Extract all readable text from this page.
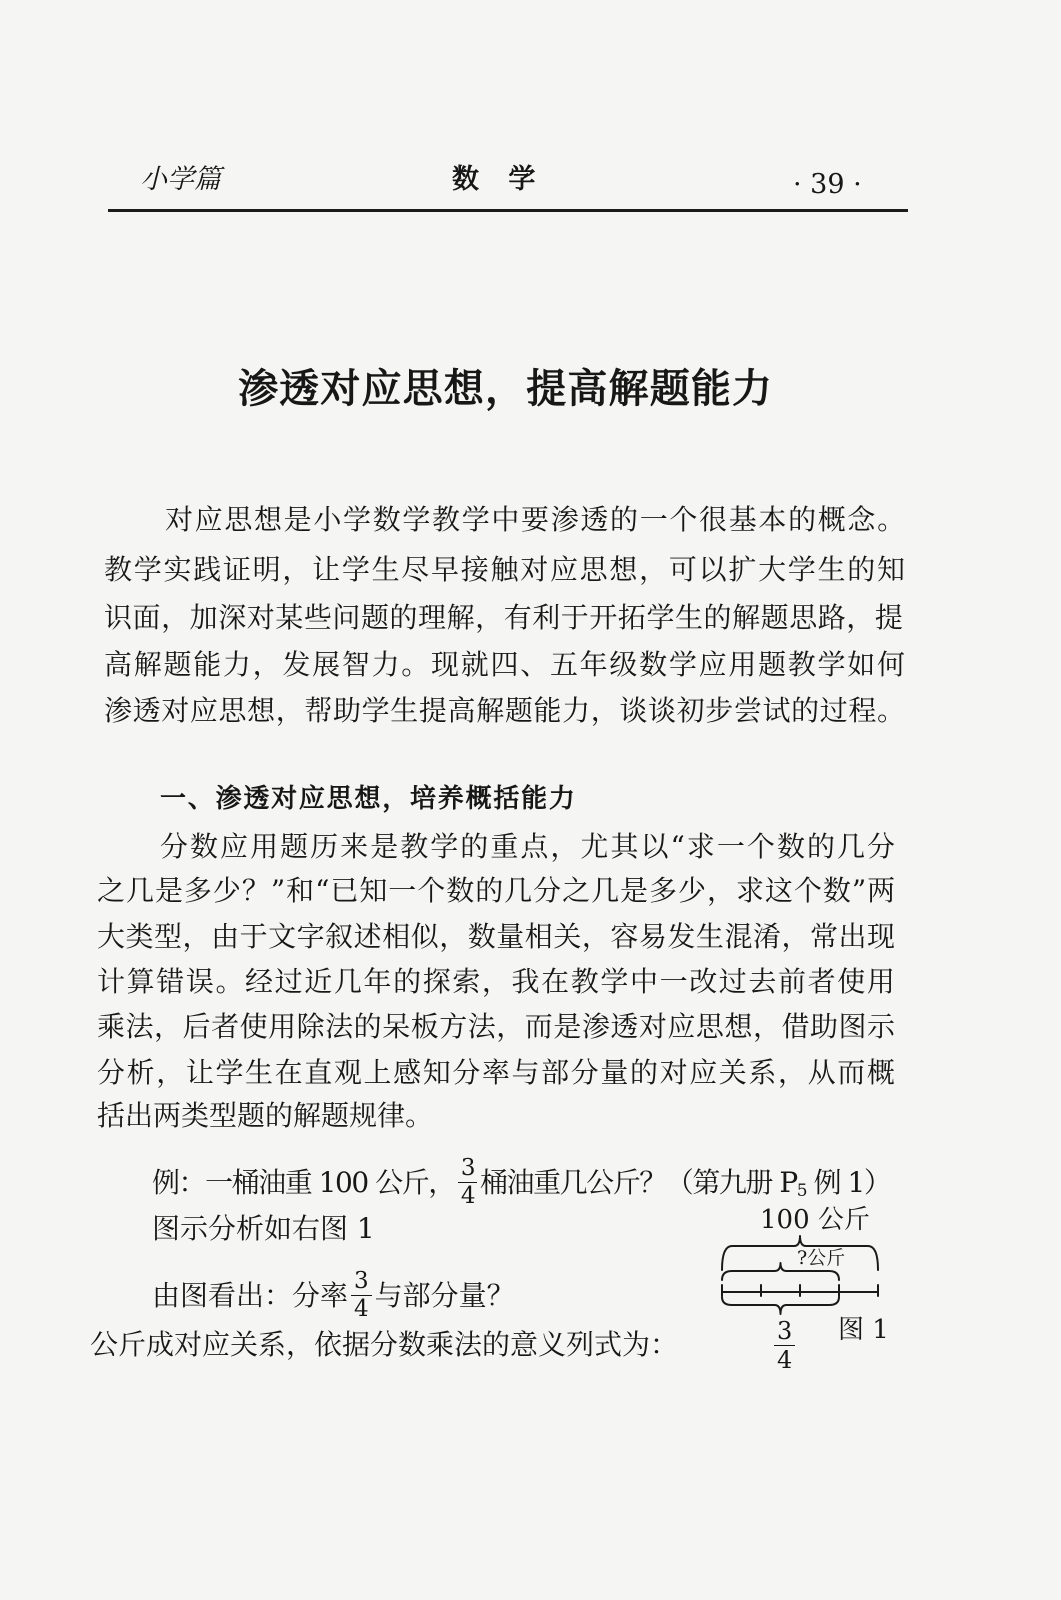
小学篇	数 学	· 39 ·
渗透对应思想，提高解题能力
对应思想是小学数学教学中要渗透的一个很基本的概念。
教学实践证明，让学生尽早接触对应思想，可以扩大学生的知
识面，加深对某些问题的理解，有利于开拓学生的解题思路，提
高解题能力，发展智力。现就四、五年级数学应用题教学如何
渗透对应思想，帮助学生提高解题能力，谈谈初步尝试的过程。
一、渗透对应思想，培养概括能力
分数应用题历来是教学的重点，尤其以“求一个数的几分
之几是多少？”和“已知一个数的几分之几是多少，求这个数”两
大类型，由于文字叙述相似，数量相关，容易发生混淆，常出现
计算错误。经过近几年的探索，我在教学中一改过去前者使用
乘法，后者使用除法的呆板方法，而是渗透对应思想，借助图示
分析，让学生在直观上感知分率与部分量的对应关系，从而概
括出两类型题的解题规律。
例：一桶油重 100 公斤， $\frac{3}{4}$ 桶油重几公斤？（第九册 P 5 例 1）
图示分析如右图 1
由图看出：分率 $\frac{3}{4}$ 与部分量？
公斤成对应关系，依据分数乘法的意义列式为：
100 公斤
?公斤
$\frac{3}{4}$ 图 1
